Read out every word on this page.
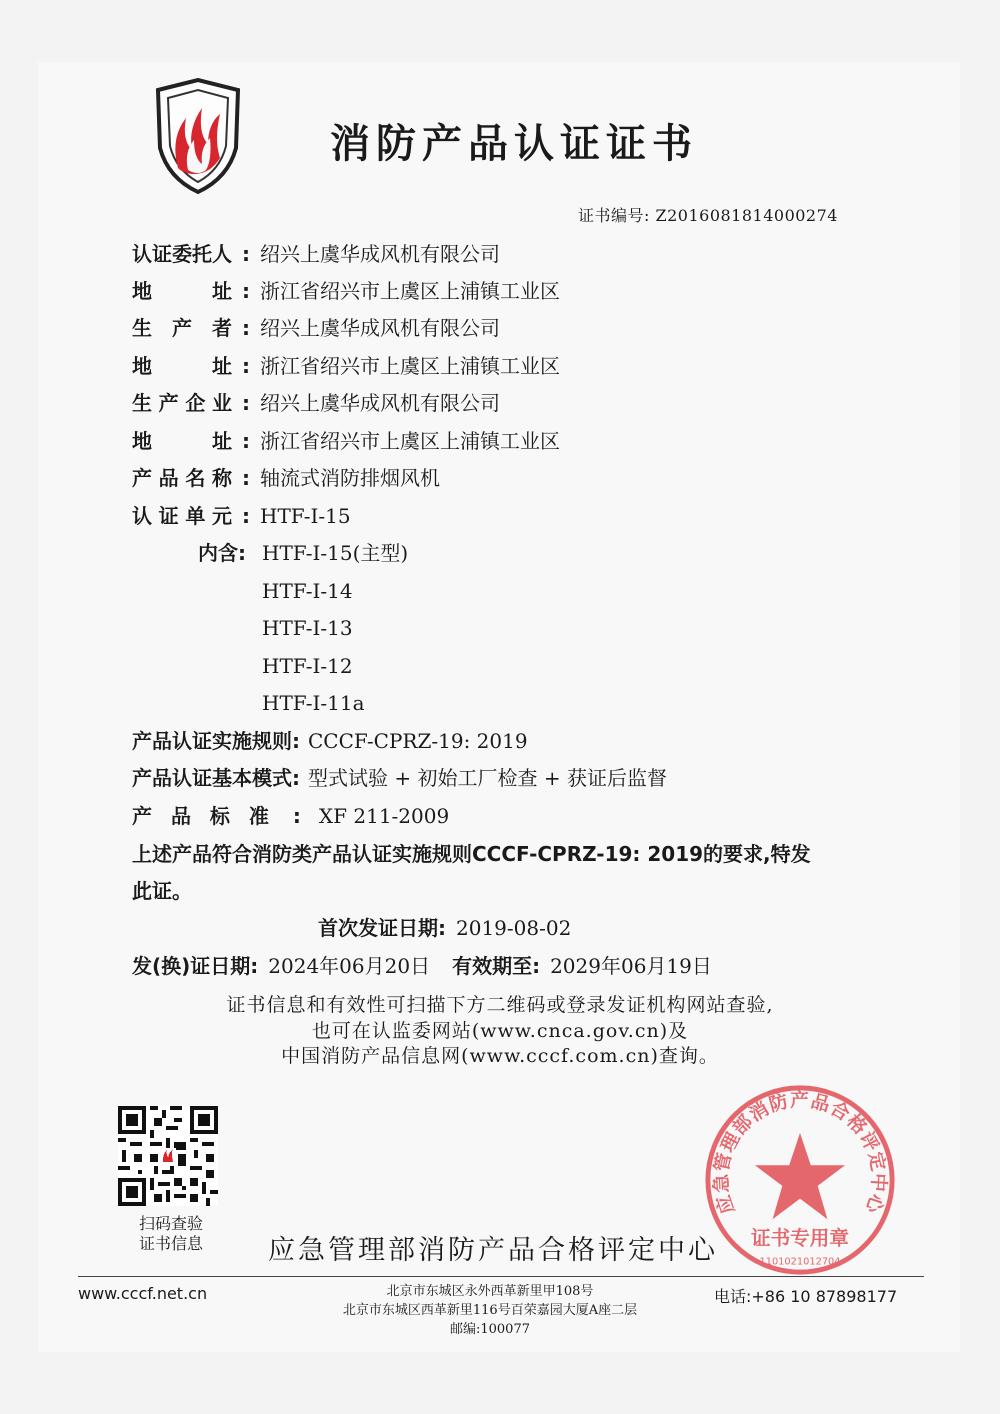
消防产品认证证书
证书编号: Z2016081814000274
认证委托人 : 绍兴上虞华成风机有限公司
地址 : 浙江省绍兴市上虞区上浦镇工业区
生产者 : 绍兴上虞华成风机有限公司
地址 : 浙江省绍兴市上虞区上浦镇工业区
生产企业 : 绍兴上虞华成风机有限公司
地址 : 浙江省绍兴市上虞区上浦镇工业区
产品名称 : 轴流式消防排烟风机
认证单元 : HTF-I-15
内含: HTF-I-15(主型)
HTF-I-14
HTF-I-13
HTF-I-12
HTF-I-11a
产品认证实施规则: CCCF-CPRZ-19: 2019
产品认证基本模式: 型式试验 + 初始工厂检查 + 获证后监督
产 品 标 准 : XF 211-2009
上述产品符合消防类产品认证实施规则CCCF-CPRZ-19: 2019的要求,特发
此证。
首次发证日期: 2019-08-02
发(换)证日期: 2024年06月20日 有效期至: 2029年06月19日
证书信息和有效性可扫描下方二维码或登录发证机构网站查验,
也可在认监委网站(www.cnca.gov.cn)及
中国消防产品信息网(www.cccf.com.cn)查询。
扫码查验
证书信息	应急管理部消防产品合格评定中心
应急管理部消防产品合格评定中心
证书专用章
1101021012704
www.cccf.net.cn	北京市东城区永外西革新里甲108号
北京市东城区西革新里116号百荣嘉园大厦A座二层
邮编:100077
电话:+86 10 87898177
